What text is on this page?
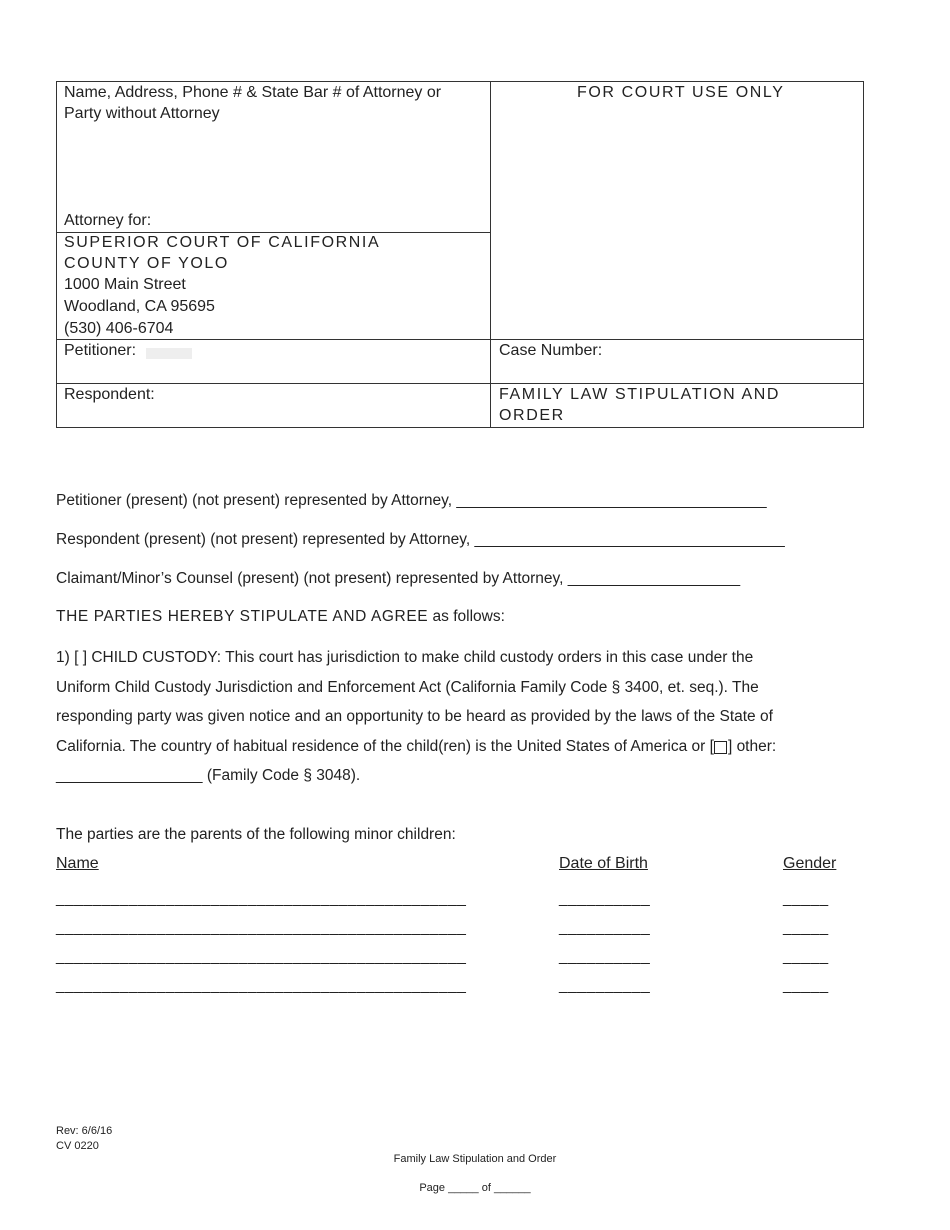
Name, Address, Phone # & State Bar # of Attorney or
Party without Attorney
Attorney for:
FOR COURT USE ONLY
SUPERIOR COURT OF CALIFORNIA
COUNTY OF YOLO
1000 Main Street
Woodland, CA 95695
(530) 406-6704
Petitioner:	Case Number:
Respondent:	FAMILY LAW STIPULATION AND
ORDER
Petitioner (present) (not present) represented by Attorney, ____________________________________
Respondent (present) (not present) represented by Attorney, ____________________________________
Claimant/Minor’s Counsel (present) (not present) represented by Attorney, ____________________
THE PARTIES HEREBY STIPULATE AND AGREE as follows:
1) [ ] CHILD CUSTODY: This court has jurisdiction to make child custody orders in this case under the
Uniform Child Custody Jurisdiction and Enforcement Act (California Family Code § 3400, et. seq.). The
responding party was given notice and an opportunity to be heard as provided by the laws of the State of
California. The country of habitual residence of the child(ren) is the United States of America or [ ] other:
_________________ (Family Code § 3048).
The parties are the parents of the following minor children:
Name	Date of Birth	Gender
_____________________________________________	__________	_____
_____________________________________________	__________	_____
_____________________________________________	__________	_____
_____________________________________________	__________	_____
Rev: 6/6/16
CV 0220
Family Law Stipulation and Order
Page _____ of ______
